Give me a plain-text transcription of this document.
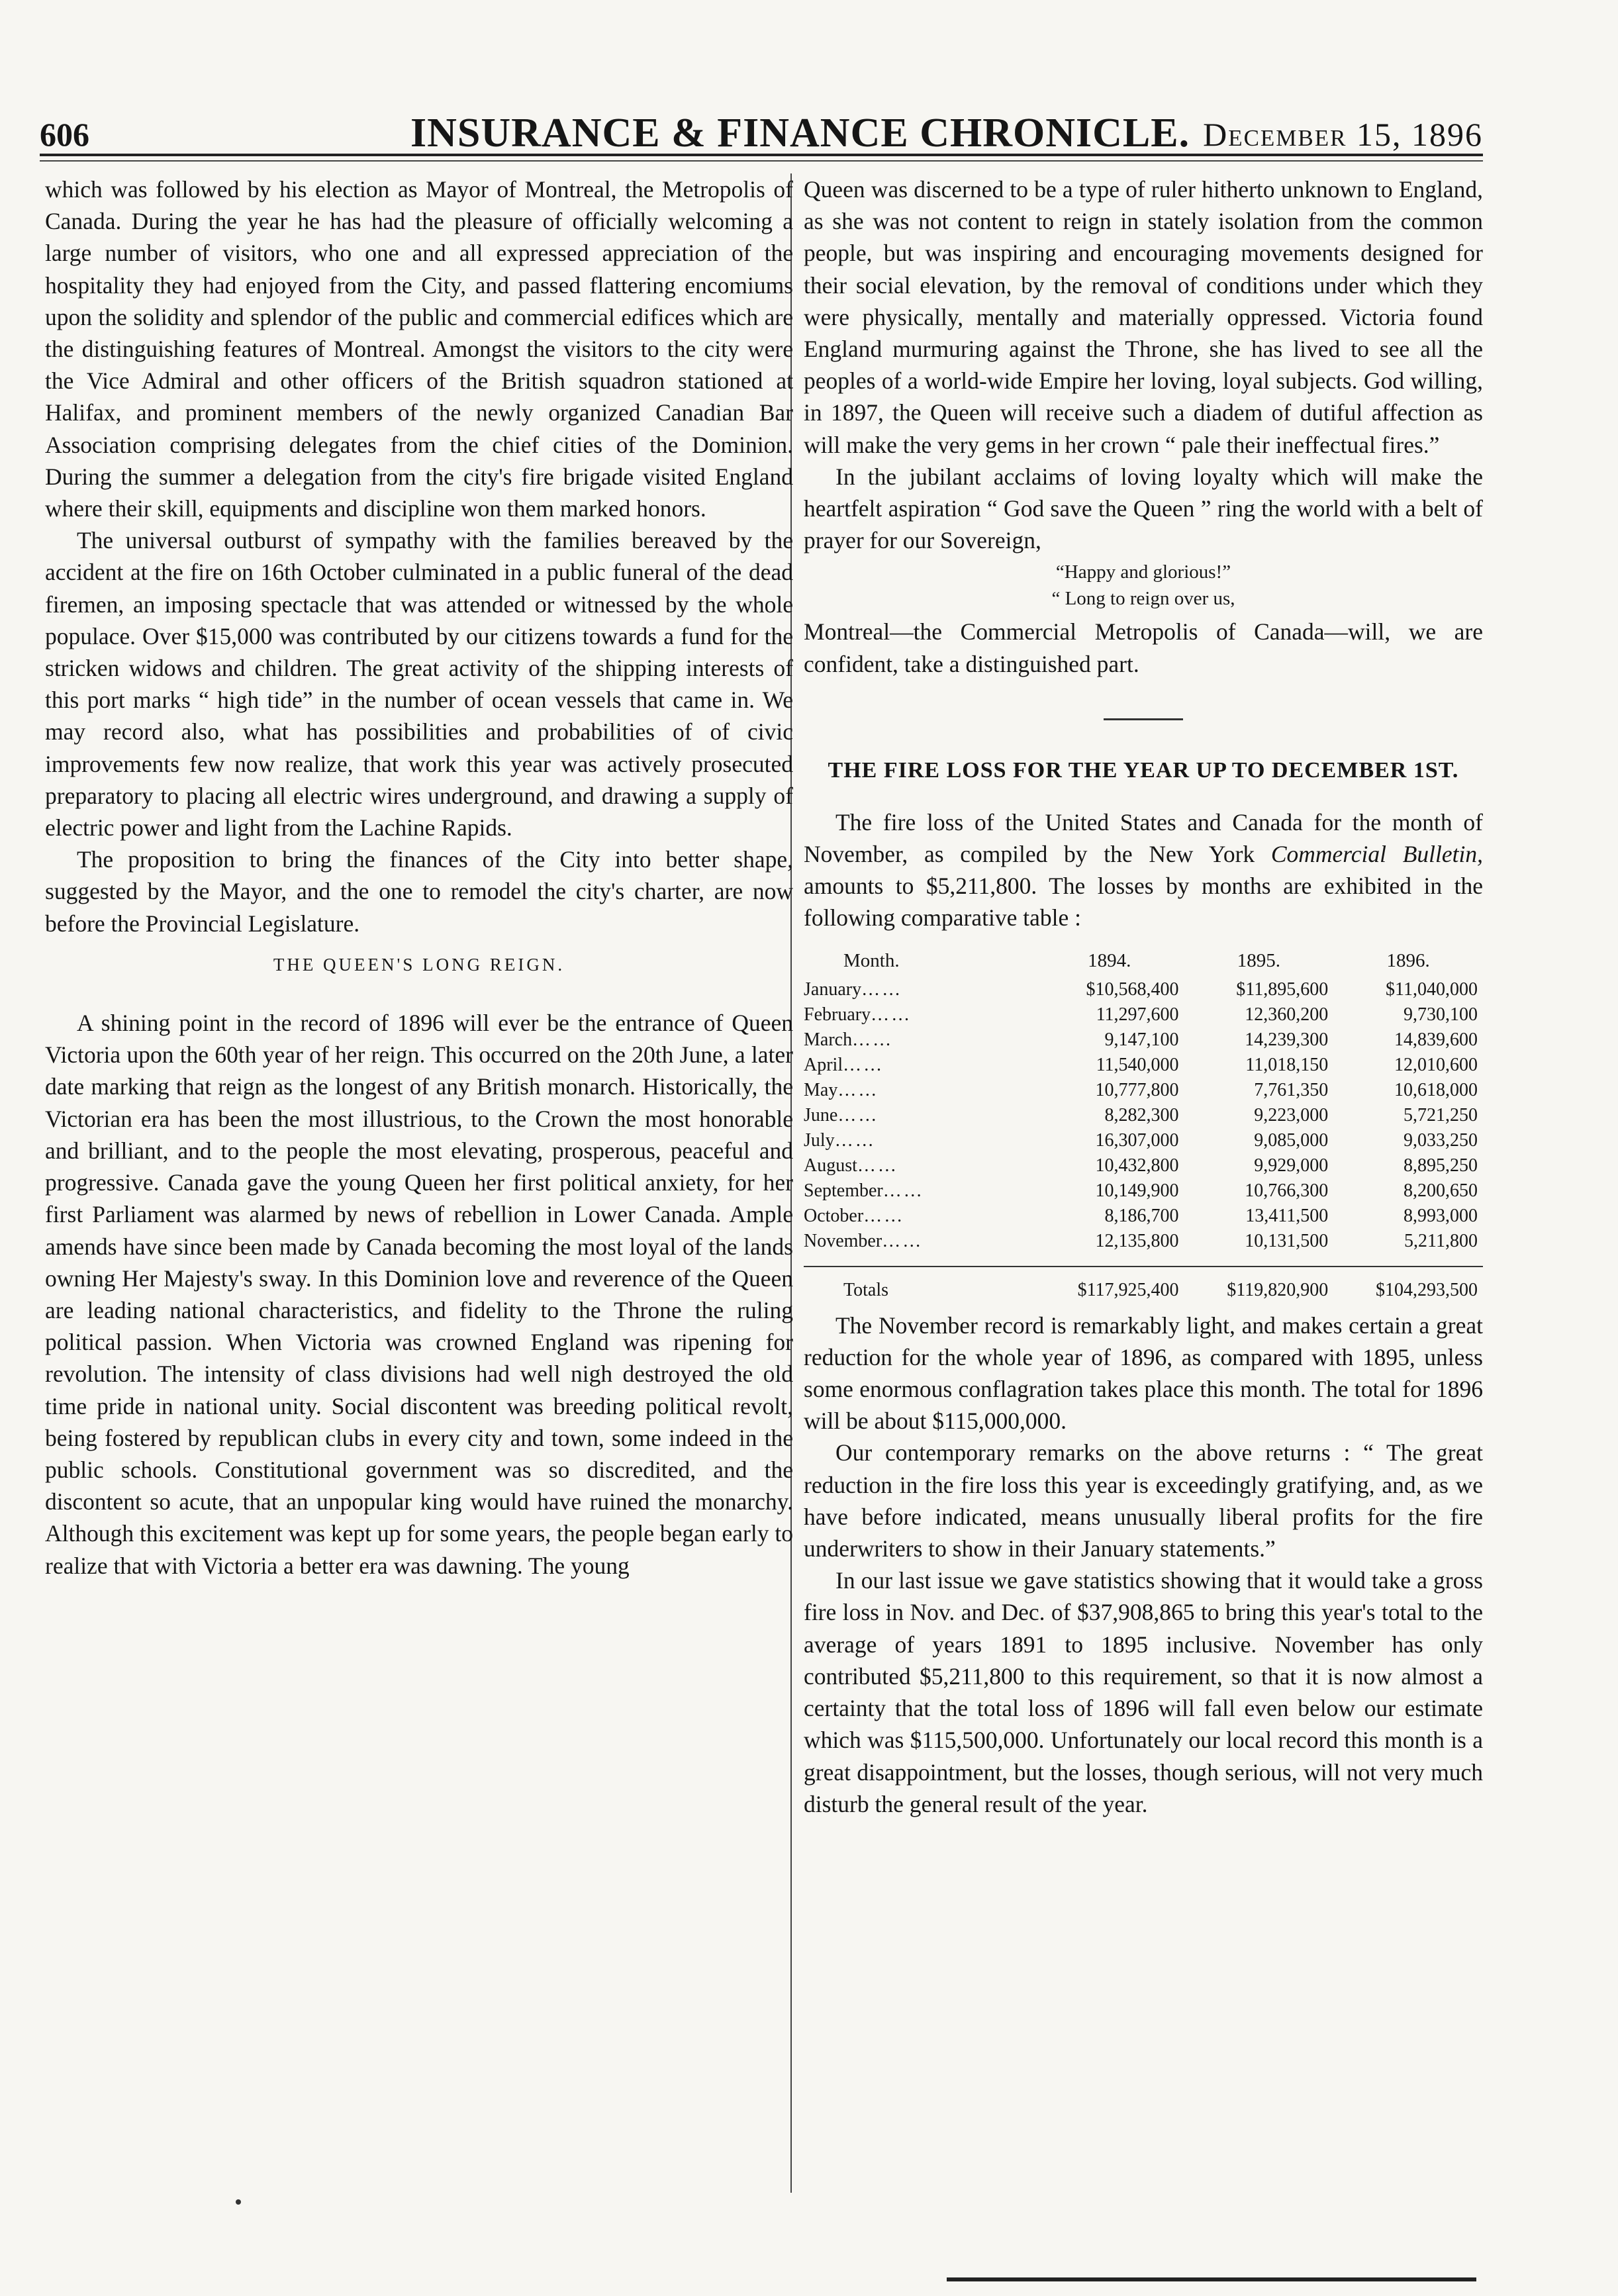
606	INSURANCE & FINANCE CHRONICLE. December 15, 1896

which was followed by his election as Mayor of Montreal, the Metropolis of Canada. During the year he has had the pleasure of officially welcoming a large number of visitors, who one and all expressed appreciation of the hospitality they had enjoyed from the City, and passed flattering encomiums upon the solidity and splendor of the public and commercial edifices which are the distinguishing features of Montreal. Amongst the visitors to the city were the Vice Admiral and other officers of the British squadron stationed at Halifax, and prominent members of the newly organized Canadian Bar Association comprising delegates from the chief cities of the Dominion. During the summer a delegation from the city's fire brigade visited England where their skill, equipments and discipline won them marked honors.

The universal outburst of sympathy with the families bereaved by the accident at the fire on 16th October culminated in a public funeral of the dead firemen, an imposing spectacle that was attended or witnessed by the whole populace. Over $15,000 was contributed by our citizens towards a fund for the stricken widows and children. The great activity of the shipping interests of this port marks “ high tide” in the number of ocean vessels that came in. We may record also, what has possibilities and probabilities of of civic improvements few now realize, that work this year was actively prosecuted preparatory to placing all electric wires underground, and drawing a supply of electric power and light from the Lachine Rapids.

The proposition to bring the finances of the City into better shape, suggested by the Mayor, and the one to remodel the city's charter, are now before the Provincial Legislature.

THE QUEEN'S LONG REIGN.

A shining point in the record of 1896 will ever be the entrance of Queen Victoria upon the 60th year of her reign. This occurred on the 20th June, a later date marking that reign as the longest of any British monarch. Historically, the Victorian era has been the most illustrious, to the Crown the most honorable and brilliant, and to the people the most elevating, prosperous, peaceful and progressive. Canada gave the young Queen her first political anxiety, for her first Parliament was alarmed by news of rebellion in Lower Canada. Ample amends have since been made by Canada becoming the most loyal of the lands owning Her Majesty's sway. In this Dominion love and reverence of the Queen are leading national characteristics, and fidelity to the Throne the ruling political passion. When Victoria was crowned England was ripening for revolution. The intensity of class divisions had well nigh destroyed the old time pride in national unity. Social discontent was breeding political revolt, being fostered by republican clubs in every city and town, some indeed in the public schools. Constitutional government was so discredited, and the discontent so acute, that an unpopular king would have ruined the monarchy. Although this excitement was kept up for some years, the people began early to realize that with Victoria a better era was dawning. The young

Queen was discerned to be a type of ruler hitherto unknown to England, as she was not content to reign in stately isolation from the common people, but was inspiring and encouraging movements designed for their social elevation, by the removal of conditions under which they were physically, mentally and materially oppressed. Victoria found England murmuring against the Throne, she has lived to see all the peoples of a world-wide Empire her loving, loyal subjects. God willing, in 1897, the Queen will receive such a diadem of dutiful affection as will make the very gems in her crown “ pale their ineffectual fires.”

In the jubilant acclaims of loving loyalty which will make the heartfelt aspiration “ God save the Queen ” ring the world with a belt of prayer for our Sovereign,

“Happy and glorious!”
“ Long to reign over us,

Montreal—the Commercial Metropolis of Canada—will, we are confident, take a distinguished part.

THE FIRE LOSS FOR THE YEAR UP TO DECEMBER 1ST.

The fire loss of the United States and Canada for the month of November, as compiled by the New York Commercial Bulletin, amounts to $5,211,800. The losses by months are exhibited in the following comparative table :

Month.	1894.	1895.	1896.
January……	$10,568,400	$11,895,600	$11,040,000
February……	11,297,600	12,360,200	9,730,100
March……	9,147,100	14,239,300	14,839,600
April……	11,540,000	11,018,150	12,010,600
May……	10,777,800	7,761,350	10,618,000
June……	8,282,300	9,223,000	5,721,250
July……	16,307,000	9,085,000	9,033,250
August……	10,432,800	9,929,000	8,895,250
September……	10,149,900	10,766,300	8,200,650
October……	8,186,700	13,411,500	8,993,000
November……	12,135,800	10,131,500	5,211,800
Totals	$117,925,400	$119,820,900	$104,293,500

The November record is remarkably light, and makes certain a great reduction for the whole year of 1896, as compared with 1895, unless some enormous conflagration takes place this month. The total for 1896 will be about $115,000,000.

Our contemporary remarks on the above returns : “ The great reduction in the fire loss this year is exceedingly gratifying, and, as we have before indicated, means unusually liberal profits for the fire underwriters to show in their January statements.”

In our last issue we gave statistics showing that it would take a gross fire loss in Nov. and Dec. of $37,908,865 to bring this year's total to the average of years 1891 to 1895 inclusive. November has only contributed $5,211,800 to this requirement, so that it is now almost a certainty that the total loss of 1896 will fall even below our estimate which was $115,500,000. Unfortunately our local record this month is a great disappointment, but the losses, though serious, will not very much disturb the general result of the year.
